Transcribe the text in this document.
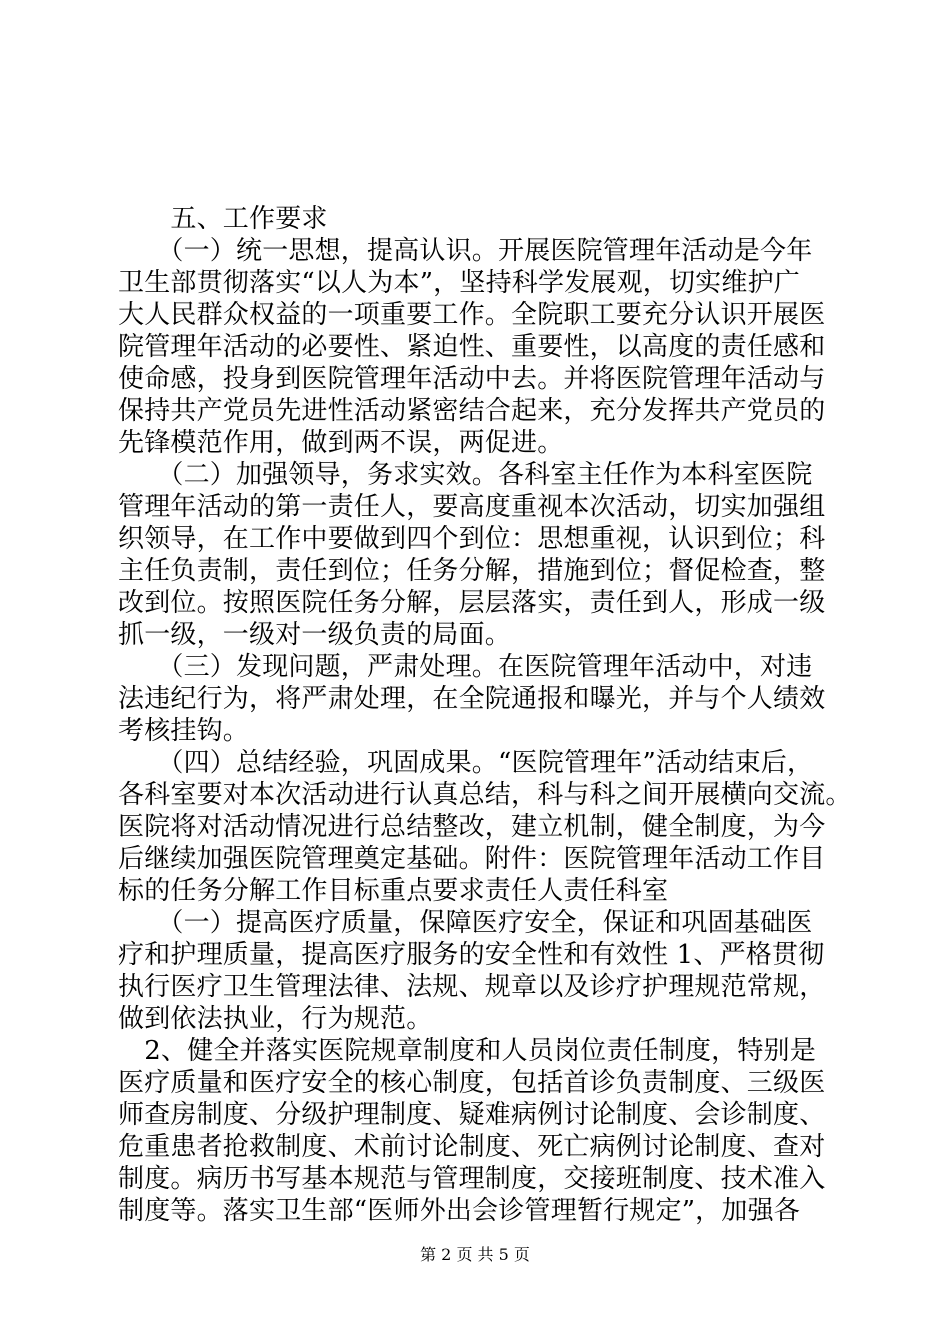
　　五、工作要求
　　（一）统一思想，提高认识。开展医院管理年活动是今年
卫生部贯彻落实“以人为本”，坚持科学发展观，切实维护广
大人民群众权益的一项重要工作。全院职工要充分认识开展医
院管理年活动的必要性、紧迫性、重要性，以高度的责任感和
使命感，投身到医院管理年活动中去。并将医院管理年活动与
保持共产党员先进性活动紧密结合起来，充分发挥共产党员的
先锋模范作用，做到两不误，两促进。
　　（二）加强领导，务求实效。各科室主任作为本科室医院
管理年活动的第一责任人，要高度重视本次活动，切实加强组
织领导，在工作中要做到四个到位：思想重视，认识到位；科
主任负责制，责任到位；任务分解，措施到位；督促检查，整
改到位。按照医院任务分解，层层落实，责任到人，形成一级
抓一级，一级对一级负责的局面。
　　（三）发现问题，严肃处理。在医院管理年活动中，对违
法违纪行为，将严肃处理，在全院通报和曝光，并与个人绩效
考核挂钩。
　　（四）总结经验，巩固成果。“医院管理年”活动结束后，
各科室要对本次活动进行认真总结，科与科之间开展横向交流。
医院将对活动情况进行总结整改，建立机制，健全制度，为今
后继续加强医院管理奠定基础。附件：医院管理年活动工作目
标的任务分解工作目标重点要求责任人责任科室
　　（一）提高医疗质量，保障医疗安全，保证和巩固基础医
疗和护理质量，提高医疗服务的安全性和有效性 1、严格贯彻
执行医疗卫生管理法律、法规、规章以及诊疗护理规范常规，
做到依法执业，行为规范。
　2、健全并落实医院规章制度和人员岗位责任制度，特别是
医疗质量和医疗安全的核心制度，包括首诊负责制度、三级医
师查房制度、分级护理制度、疑难病例讨论制度、会诊制度、
危重患者抢救制度、术前讨论制度、死亡病例讨论制度、查对
制度。病历书写基本规范与管理制度，交接班制度、技术准入
制度等。落实卫生部“医师外出会诊管理暂行规定”，加强各
第 2 页 共 5 页
